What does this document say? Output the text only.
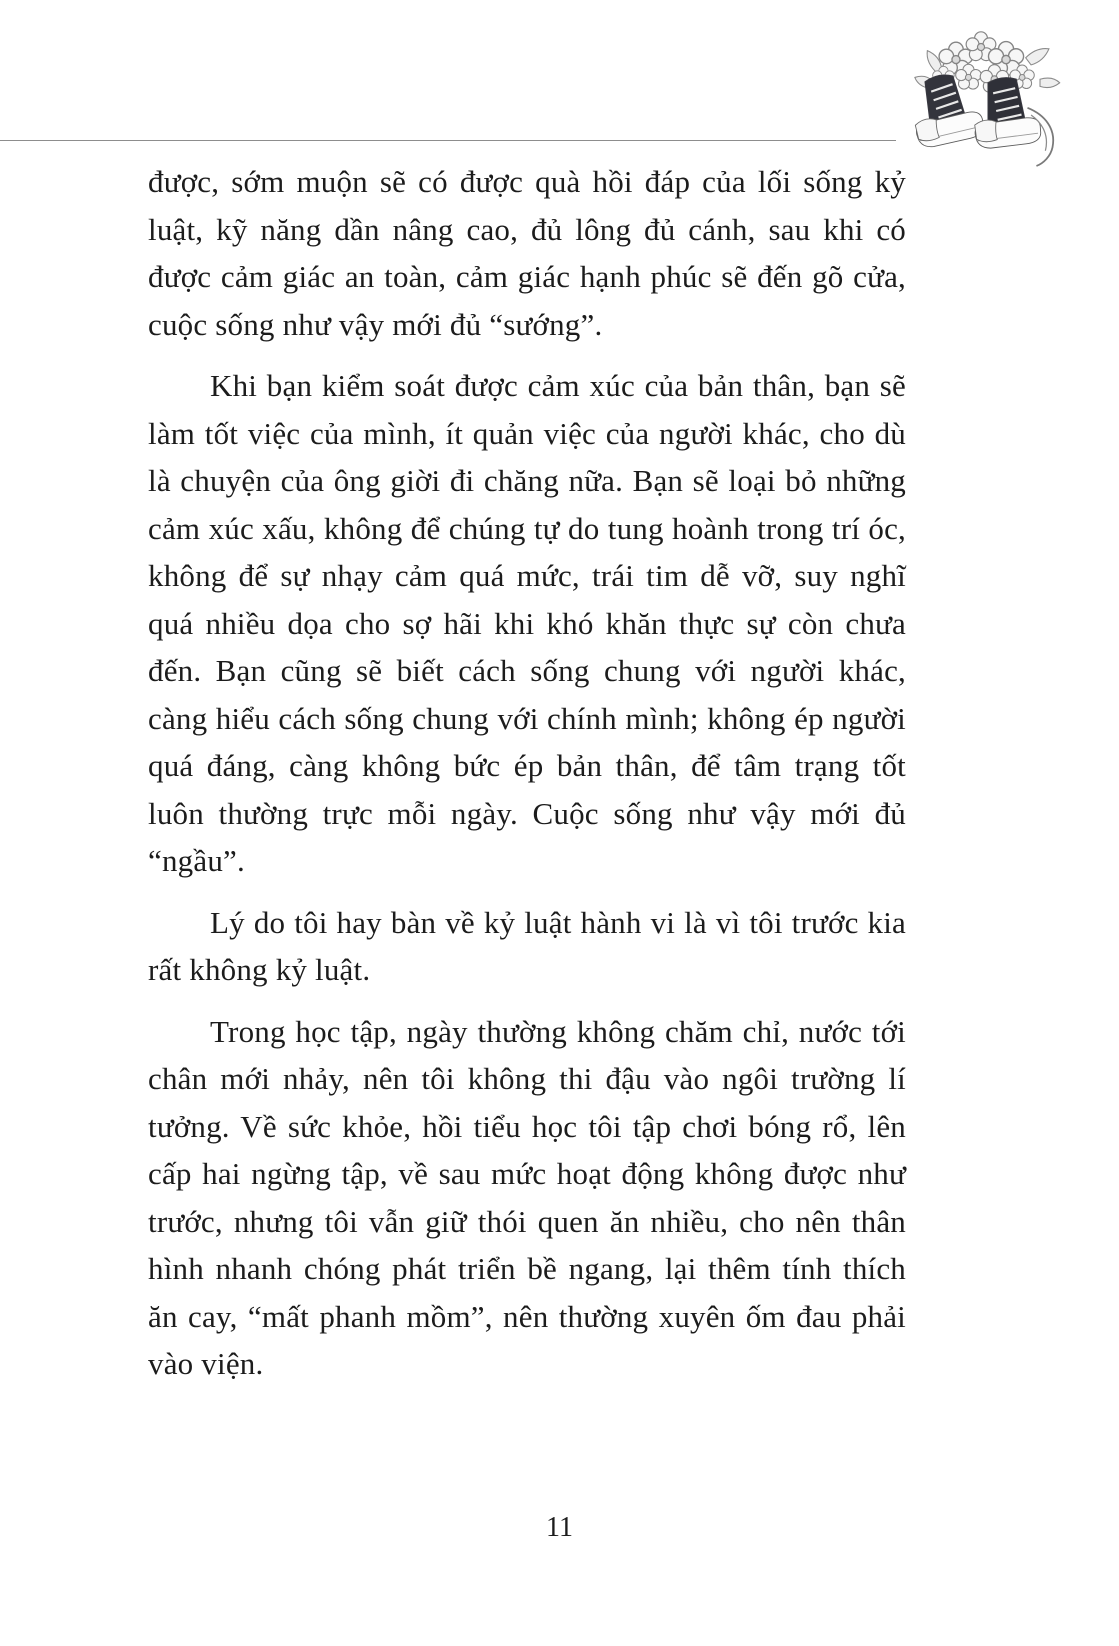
được, sớm muộn sẽ có được quà hồi đáp của lối sống kỷ luật, kỹ năng dần nâng cao, đủ lông đủ cánh, sau khi có được cảm giác an toàn, cảm giác hạnh phúc sẽ đến gõ cửa, cuộc sống như vậy mới đủ “sướng”.

Khi bạn kiểm soát được cảm xúc của bản thân, bạn sẽ làm tốt việc của mình, ít quản việc của người khác, cho dù là chuyện của ông giời đi chăng nữa. Bạn sẽ loại bỏ những cảm xúc xấu, không để chúng tự do tung hoành trong trí óc, không để sự nhạy cảm quá mức, trái tim dễ vỡ, suy nghĩ quá nhiều dọa cho sợ hãi khi khó khăn thực sự còn chưa đến. Bạn cũng sẽ biết cách sống chung với người khác, càng hiểu cách sống chung với chính mình; không ép người quá đáng, càng không bức ép bản thân, để tâm trạng tốt luôn thường trực mỗi ngày. Cuộc sống như vậy mới đủ “ngầu”.

Lý do tôi hay bàn về kỷ luật hành vi là vì tôi trước kia rất không kỷ luật.

Trong học tập, ngày thường không chăm chỉ, nước tới chân mới nhảy, nên tôi không thi đậu vào ngôi trường lí tưởng. Về sức khỏe, hồi tiểu học tôi tập chơi bóng rổ, lên cấp hai ngừng tập, về sau mức hoạt động không được như trước, nhưng tôi vẫn giữ thói quen ăn nhiều, cho nên thân hình nhanh chóng phát triển bề ngang, lại thêm tính thích ăn cay, “mất phanh mồm”, nên thường xuyên ốm đau phải vào viện.

11
